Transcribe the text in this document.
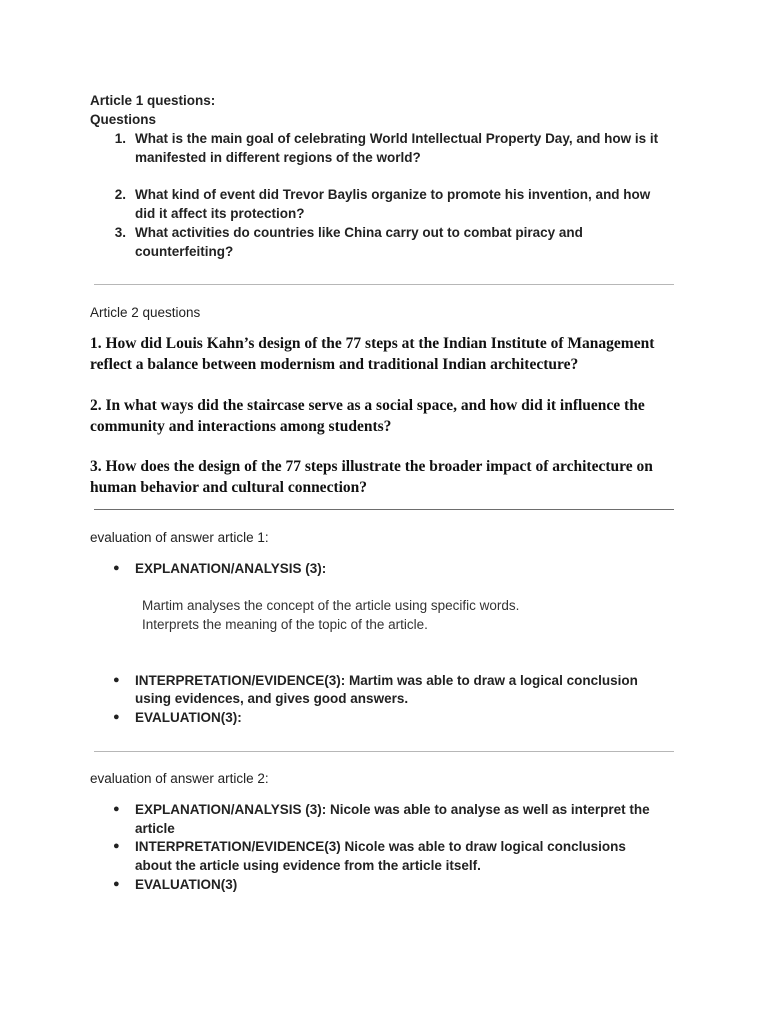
Article 1 questions:
Questions
1. What is the main goal of celebrating World Intellectual Property Day, and how is it
manifested in different regions of the world?
2. What kind of event did Trevor Baylis organize to promote his invention, and how
did it affect its protection?
3. What activities do countries like China carry out to combat piracy and
counterfeiting?
Article 2 questions
1. How did Louis Kahn’s design of the 77 steps at the Indian Institute of Management
reflect a balance between modernism and traditional Indian architecture?
2. In what ways did the staircase serve as a social space, and how did it influence the
community and interactions among students?
3. How does the design of the 77 steps illustrate the broader impact of architecture on
human behavior and cultural connection?
evaluation of answer article 1:
● EXPLANATION/ANALYSIS (3):
Martim analyses the concept of the article using specific words.
Interprets the meaning of the topic of the article.
● INTERPRETATION/EVIDENCE(3): Martim was able to draw a logical conclusion
using evidences, and gives good answers.
● EVALUATION(3):
evaluation of answer article 2:
● EXPLANATION/ANALYSIS (3): Nicole was able to analyse as well as interpret the
article
● INTERPRETATION/EVIDENCE(3) Nicole was able to draw logical conclusions
about the article using evidence from the article itself.
● EVALUATION(3)
